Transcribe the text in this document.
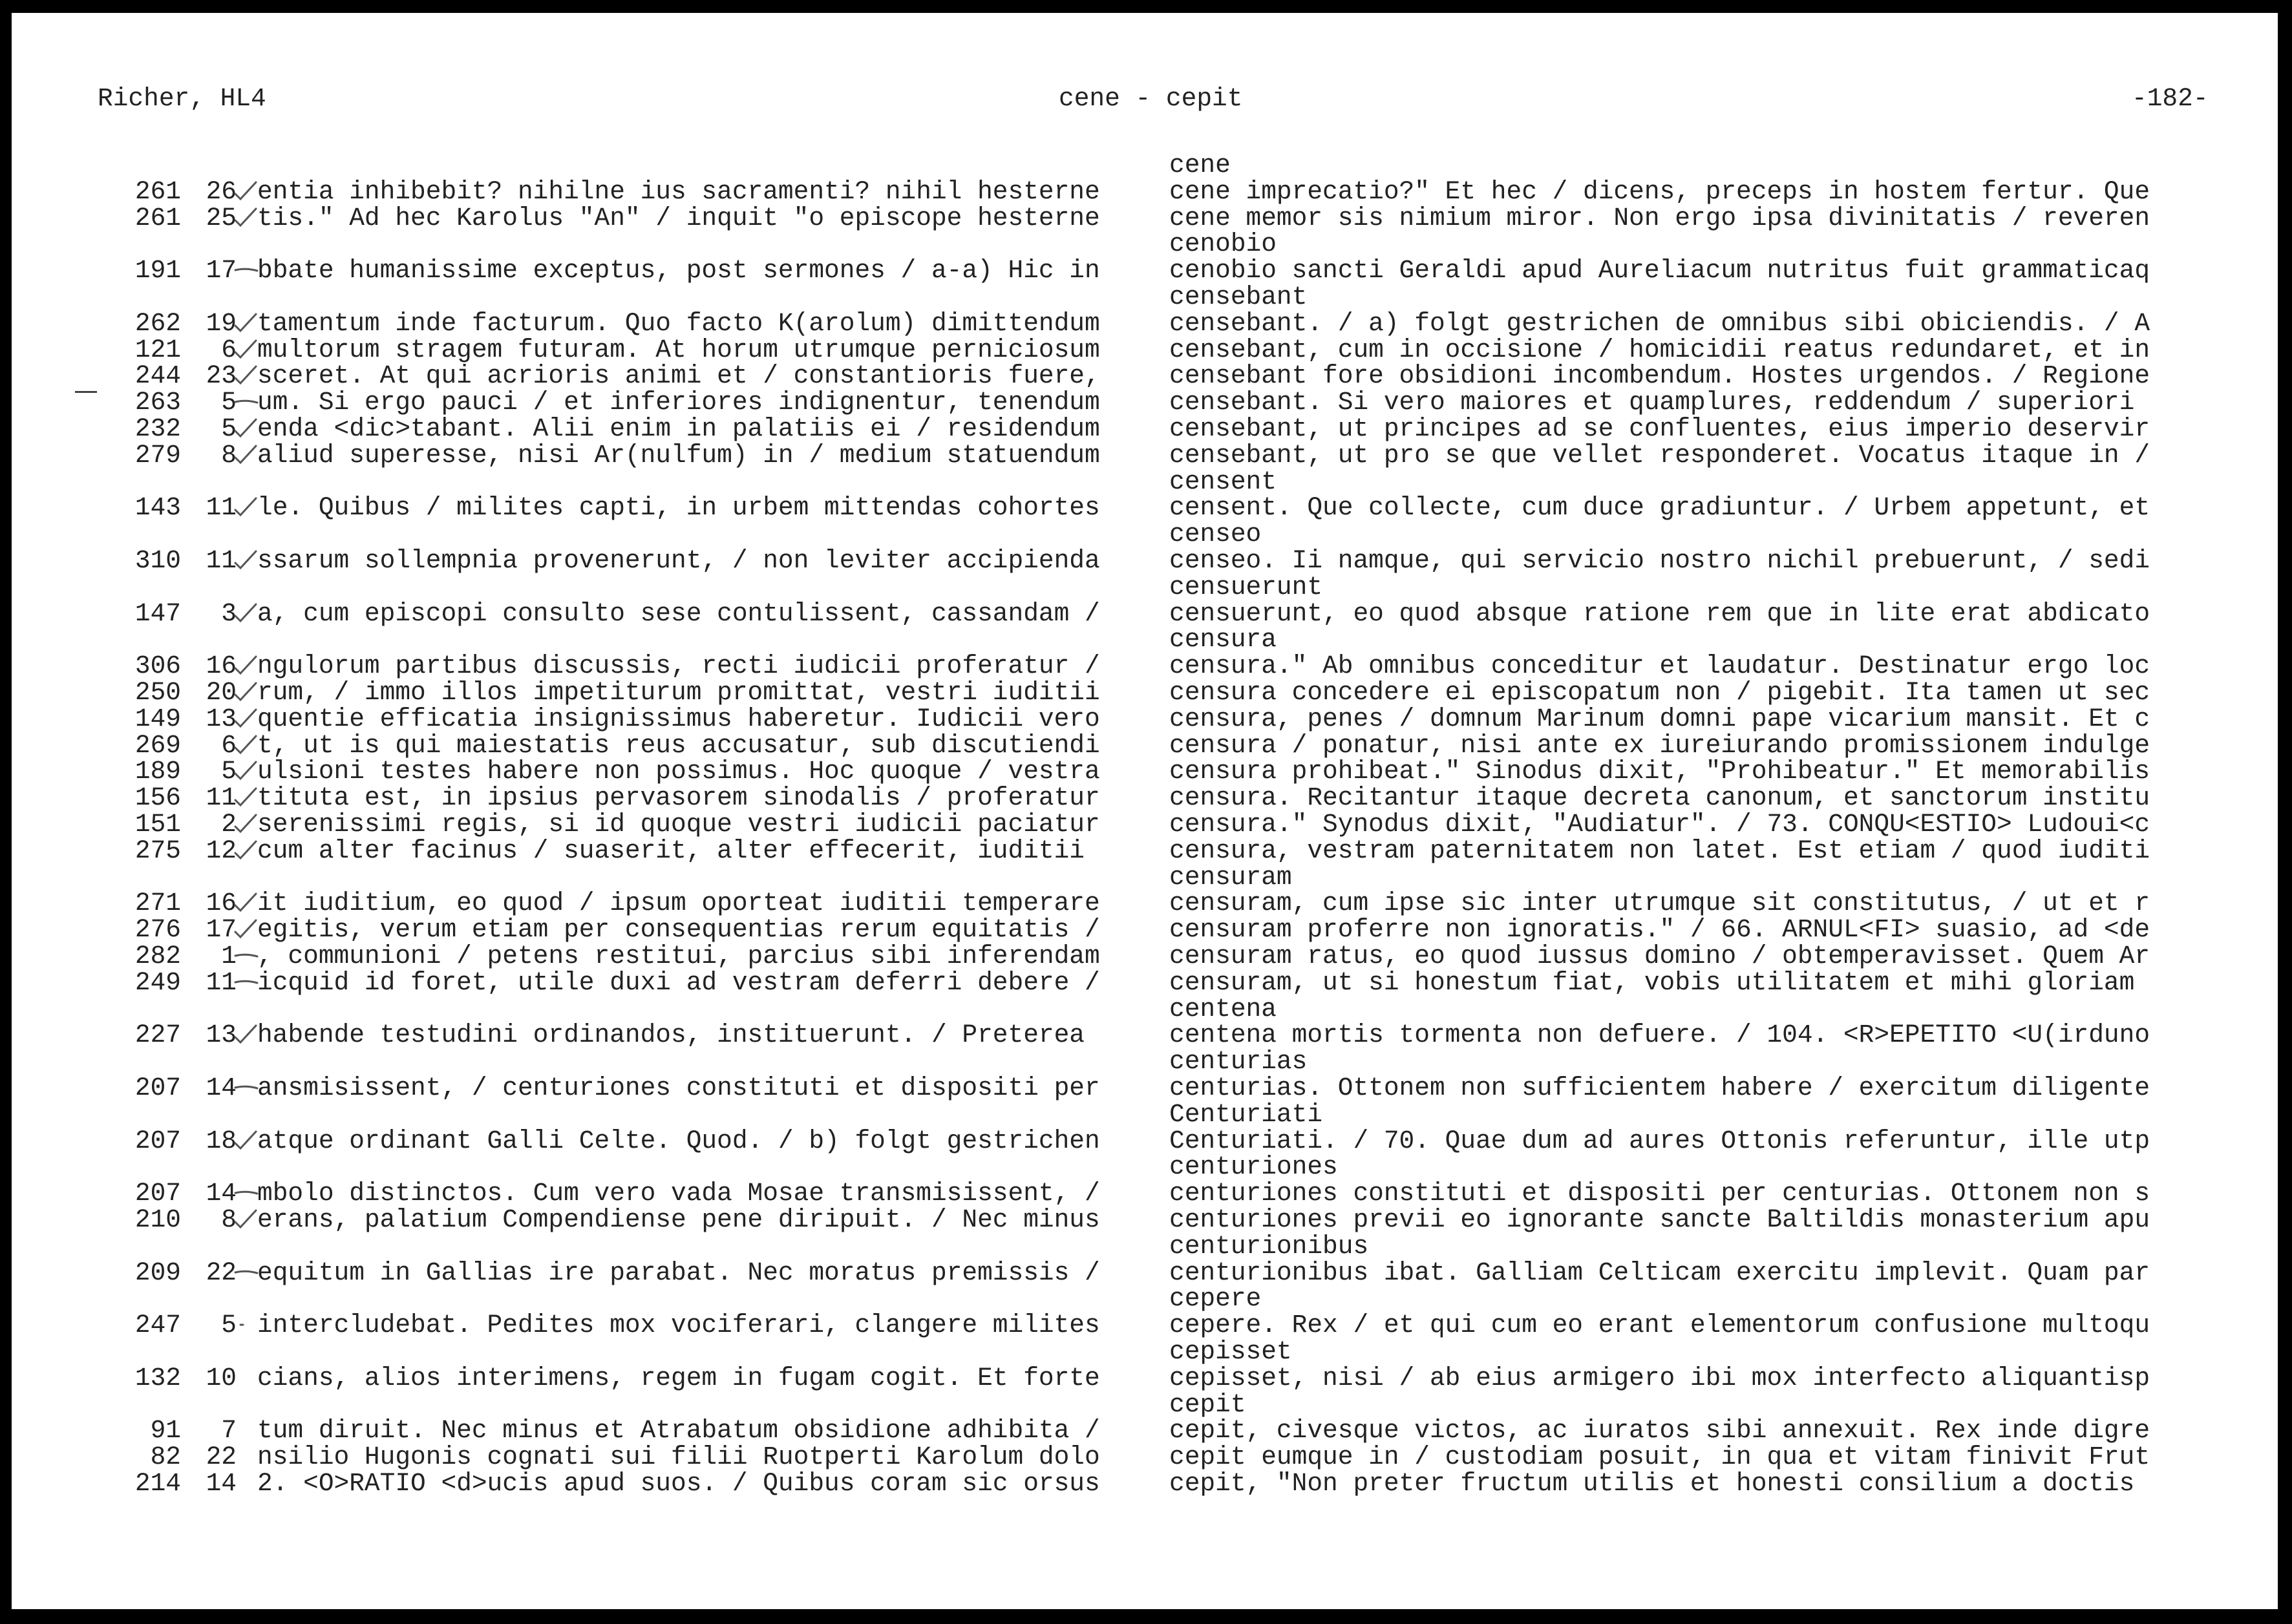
Richer, HL4	cene - cepit	-182-
cene
261 26 entia inhibebit? nihilne ius sacramenti? nihil hesterne	cene imprecatio?" Et hec / dicens, preceps in hostem fertur. Que
261 25 tis." Ad hec Karolus "An" / inquit "o episcope hesterne	cene memor sis nimium miror. Non ergo ipsa divinitatis / reveren
cenobio
191 17 bbate humanissime exceptus, post sermones / a-a) Hic in	cenobio sancti Geraldi apud Aureliacum nutritus fuit grammaticaq
censebant
262 19 tamentum inde facturum. Quo facto K(arolum) dimittendum	censebant. / a) folgt gestrichen de omnibus sibi obiciendis. / A
121 6 multorum stragem futuram. At horum utrumque perniciosum	censebant, cum in occisione / homicidii reatus redundaret, et in
244 23 sceret. At qui acrioris animi et / constantioris fuere,	censebant fore obsidioni incombendum. Hostes urgendos. / Regione
263 5 um. Si ergo pauci / et inferiores indignentur, tenendum	censebant. Si vero maiores et quamplures, reddendum / superiori
232 5 enda <dic>tabant. Alii enim in palatiis ei / residendum	censebant, ut principes ad se confluentes, eius imperio deservir
279 8 aliud superesse, nisi Ar(nulfum) in / medium statuendum	censebant, ut pro se que vellet responderet. Vocatus itaque in /
censent
143 11 le. Quibus / milites capti, in urbem mittendas cohortes	censent. Que collecte, cum duce gradiuntur. / Urbem appetunt, et
censeo
310 11 ssarum sollempnia provenerunt, / non leviter accipienda	censeo. Ii namque, qui servicio nostro nichil prebuerunt, / sedi
censuerunt
147 3 a, cum episcopi consulto sese contulissent, cassandam /	censuerunt, eo quod absque ratione rem que in lite erat abdicato
censura
306 16 ngulorum partibus discussis, recti iudicii proferatur /	censura." Ab omnibus conceditur et laudatur. Destinatur ergo loc
250 20 rum, / immo illos impetiturum promittat, vestri iuditii	censura concedere ei episcopatum non / pigebit. Ita tamen ut sec
149 13 quentie efficatia insignissimus haberetur. Iudicii vero	censura, penes / domnum Marinum domni pape vicarium mansit. Et c
269 6 t, ut is qui maiestatis reus accusatur, sub discutiendi	censura / ponatur, nisi ante ex iureiurando promissionem indulge
189 5 ulsioni testes habere non possimus. Hoc quoque / vestra	censura prohibeat." Sinodus dixit, "Prohibeatur." Et memorabilis
156 11 tituta est, in ipsius pervasorem sinodalis / proferatur	censura. Recitantur itaque decreta canonum, et sanctorum institu
151 2 serenissimi regis, si id quoque vestri iudicii paciatur	censura." Synodus dixit, "Audiatur". / 73. CONQU<ESTIO> Ludoui<c
275 12 cum alter facinus / suaserit, alter effecerit, iuditii	censura, vestram paternitatem non latet. Est etiam / quod iuditi
censuram
271 16 it iuditium, eo quod / ipsum oporteat iuditii temperare	censuram, cum ipse sic inter utrumque sit constitutus, / ut et r
276 17 egitis, verum etiam per consequentias rerum equitatis /	censuram proferre non ignoratis." / 66. ARNUL<FI> suasio, ad <de
282 1 , communioni / petens restitui, parcius sibi inferendam	censuram ratus, eo quod iussus domino / obtemperavisset. Quem Ar
249 11 icquid id foret, utile duxi ad vestram deferri debere /	censuram, ut si honestum fiat, vobis utilitatem et mihi gloriam
centena
227 13 habende testudini ordinandos, instituerunt. / Preterea	centena mortis tormenta non defuere. / 104. <R>EPETITO <U(irduno
centurias
207 14 ansmisissent, / centuriones constituti et dispositi per	centurias. Ottonem non sufficientem habere / exercitum diligente
Centuriati
207 18 atque ordinant Galli Celte. Quod. / b) folgt gestrichen	Centuriati. / 70. Quae dum ad aures Ottonis referuntur, ille utp
centuriones
207 14 mbolo distinctos. Cum vero vada Mosae transmisissent, /	centuriones constituti et dispositi per centurias. Ottonem non s
210 8 erans, palatium Compendiense pene diripuit. / Nec minus	centuriones previi eo ignorante sancte Baltildis monasterium apu
centurionibus
209 22 equitum in Gallias ire parabat. Nec moratus premissis /	centurionibus ibat. Galliam Celticam exercitu implevit. Quam par
cepere
247 5 intercludebat. Pedites mox vociferari, clangere milites	cepere. Rex / et qui cum eo erant elementorum confusione multoqu
cepisset
132 10 cians, alios interimens, regem in fugam cogit. Et forte	cepisset, nisi / ab eius armigero ibi mox interfecto aliquantisp
cepit
91 7 tum diruit. Nec minus et Atrabatum obsidione adhibita /	cepit, civesque victos, ac iuratos sibi annexuit. Rex inde digre
82 22 nsilio Hugonis cognati sui filii Ruotperti Karolum dolo	cepit eumque in / custodiam posuit, in qua et vitam finivit Frut
214 14 2. <O>RATIO <d>ucis apud suos. / Quibus coram sic orsus	cepit, "Non preter fructum utilis et honesti consilium a doctis
